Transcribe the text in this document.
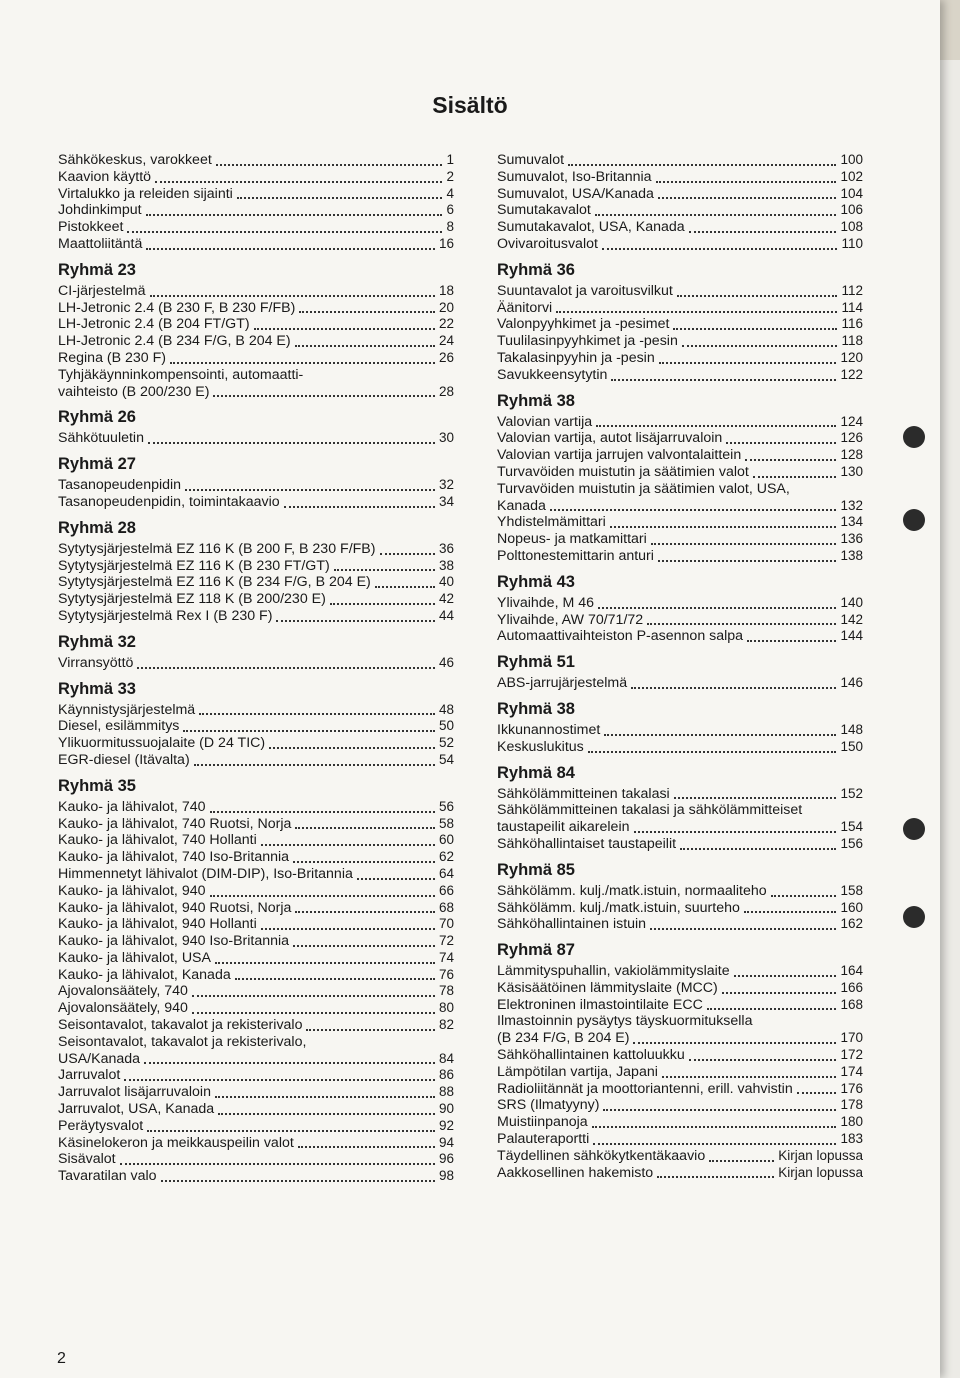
Sisältö
Sähkökeskus, varokkeet	1
Kaavion käyttö	2
Virtalukko ja releiden sijainti	4
Johdinkimput	6
Pistokkeet	8
Maattoliitäntä	16
Ryhmä 23
CI-järjestelmä	18
LH-Jetronic 2.4 (B 230 F, B 230 F/FB)	20
LH-Jetronic 2.4 (B 204 FT/GT)	22
LH-Jetronic 2.4 (B 234 F/G, B 204 E)	24
Regina (B 230 F)	26
Tyhjäkäynninkompensointi, automaatti-
vaihteisto (B 200/230 E)	28
Ryhmä 26
Sähkötuuletin	30
Ryhmä 27
Tasanopeudenpidin	32
Tasanopeudenpidin, toimintakaavio	34
Ryhmä 28
Sytytysjärjestelmä EZ 116 K (B 200 F, B 230 F/FB)	36
Sytytysjärjestelmä EZ 116 K (B 230 FT/GT)	38
Sytytysjärjestelmä EZ 116 K (B 234 F/G, B 204 E)	40
Sytytysjärjestelmä EZ 118 K (B 200/230 E)	42
Sytytysjärjestelmä Rex I (B 230 F)	44
Ryhmä 32
Virransyöttö	46
Ryhmä 33
Käynnistysjärjestelmä	48
Diesel, esilämmitys	50
Ylikuormitussuojalaite (D 24 TIC)	52
EGR-diesel (Itävalta)	54
Ryhmä 35
Kauko- ja lähivalot, 740	56
Kauko- ja lähivalot, 740 Ruotsi, Norja	58
Kauko- ja lähivalot, 740 Hollanti	60
Kauko- ja lähivalot, 740 Iso-Britannia	62
Himmennetyt lähivalot (DIM-DIP), Iso-Britannia	64
Kauko- ja lähivalot, 940	66
Kauko- ja lähivalot, 940 Ruotsi, Norja	68
Kauko- ja lähivalot, 940 Hollanti	70
Kauko- ja lähivalot, 940 Iso-Britannia	72
Kauko- ja lähivalot, USA	74
Kauko- ja lähivalot, Kanada	76
Ajovalonsäätely, 740	78
Ajovalonsäätely, 940	80
Seisontavalot, takavalot ja rekisterivalo	82
Seisontavalot, takavalot ja rekisterivalo,
USA/Kanada	84
Jarruvalot	86
Jarruvalot lisäjarruvaloin	88
Jarruvalot, USA, Kanada	90
Peräytysvalot	92
Käsinelokeron ja meikkauspeilin valot	94
Sisävalot	96
Tavaratilan valo	98
Sumuvalot	100
Sumuvalot, Iso-Britannia	102
Sumuvalot, USA/Kanada	104
Sumutakavalot	106
Sumutakavalot, USA, Kanada	108
Ovivaroitusvalot	110
Ryhmä 36
Suuntavalot ja varoitusvilkut	112
Äänitorvi	114
Valonpyyhkimet ja -pesimet	116
Tuulilasinpyyhkimet ja -pesin	118
Takalasinpyyhin ja -pesin	120
Savukkeensytytin	122
Ryhmä 38
Valovian vartija	124
Valovian vartija, autot lisäjarruvaloin	126
Valovian vartija jarrujen valvontalaittein	128
Turvavöiden muistutin ja säätimien valot	130
Turvavöiden muistutin ja säätimien valot, USA,
Kanada	132
Yhdistelmämittari	134
Nopeus- ja matkamittari	136
Polttonestemittarin anturi	138
Ryhmä 43
Ylivaihde, M 46	140
Ylivaihde, AW 70/71/72	142
Automaattivaihteiston P-asennon salpa	144
Ryhmä 51
ABS-jarrujärjestelmä	146
Ryhmä 38
Ikkunannostimet	148
Keskuslukitus	150
Ryhmä 84
Sähkölämmitteinen takalasi	152
Sähkölämmitteinen takalasi ja sähkölämmitteiset
taustapeilit aikarelein	154
Sähköhallintaiset taustapeilit	156
Ryhmä 85
Sähkölämm. kulj./matk.istuin, normaaliteho	158
Sähkölämm. kulj./matk.istuin, suurteho	160
Sähköhallintainen istuin	162
Ryhmä 87
Lämmityspuhallin, vakiolämmityslaite	164
Käsisäätöinen lämmityslaite (MCC)	166
Elektroninen ilmastointilaite ECC	168
Ilmastoinnin pysäytys täyskuormituksella
(B 234 F/G, B 204 E)	170
Sähköhallintainen kattoluukku	172
Lämpötilan vartija, Japani	174
Radioliitännät ja moottoriantenni, erill. vahvistin	176
SRS (Ilmatyyny)	178
Muistiinpanoja	180
Palauteraportti	183
Täydellinen sähkökytkentäkaavio	Kirjan lopussa
Aakkosellinen hakemisto	Kirjan lopussa
2
